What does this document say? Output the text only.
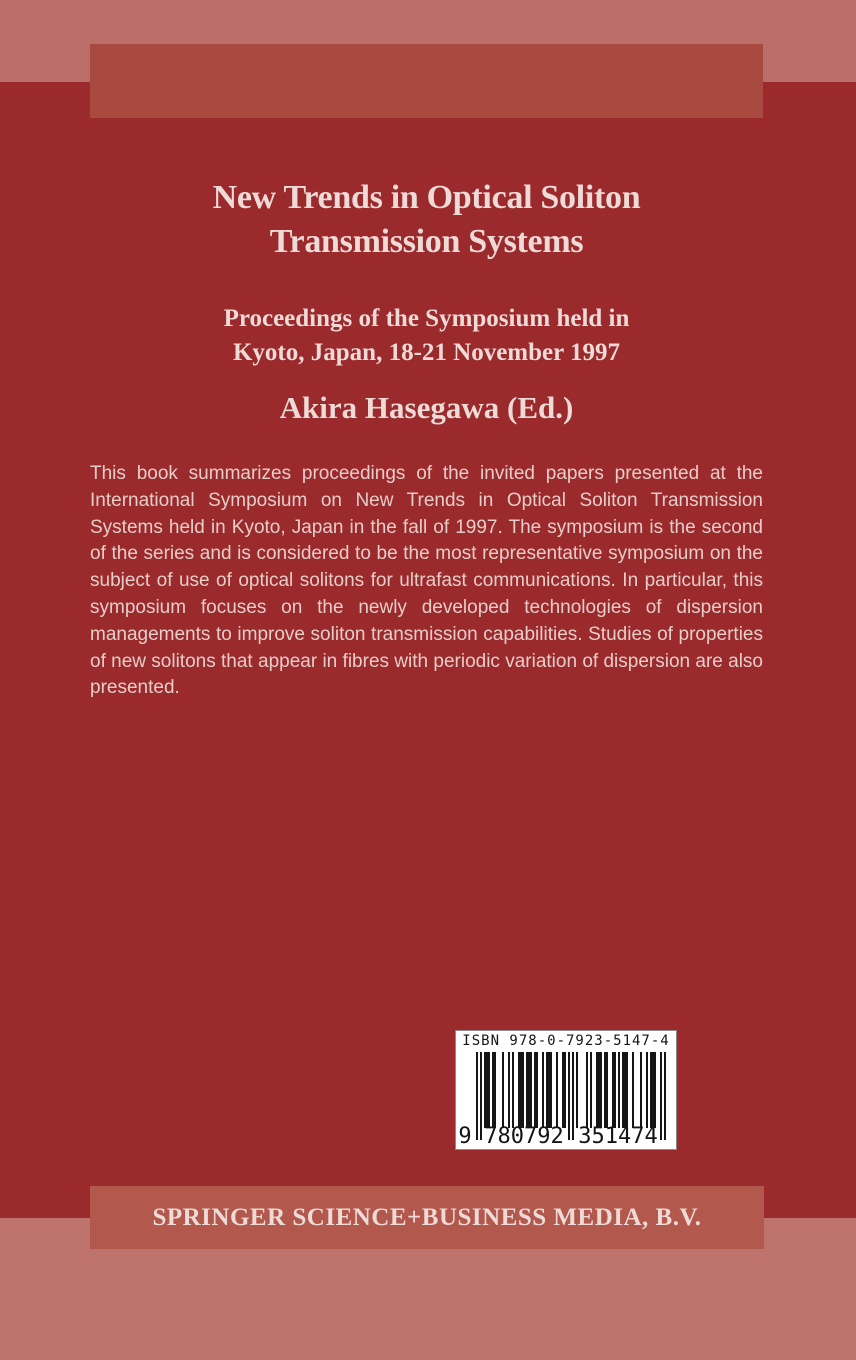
New Trends in Optical Soliton
Transmission Systems
Proceedings of the Symposium held in
Kyoto, Japan, 18-21 November 1997
Akira Hasegawa (Ed.)

This book summarizes proceedings of the invited papers presented at the International Symposium on New Trends in Optical Soliton Transmission Systems held in Kyoto, Japan in the fall of 1997. The symposium is the second of the series and is considered to be the most representative symposium on the subject of use of optical solitons for ultrafast communications. In particular, this symposium focuses on the newly developed technologies of dispersion managements to improve soliton transmission capabilities. Studies of properties of new solitons that appear in fibres with periodic variation of dispersion are also presented.

ISBN 978-0-7923-5147-4
9 780792 351474
SPRINGER SCIENCE+BUSINESS MEDIA, B.V.
